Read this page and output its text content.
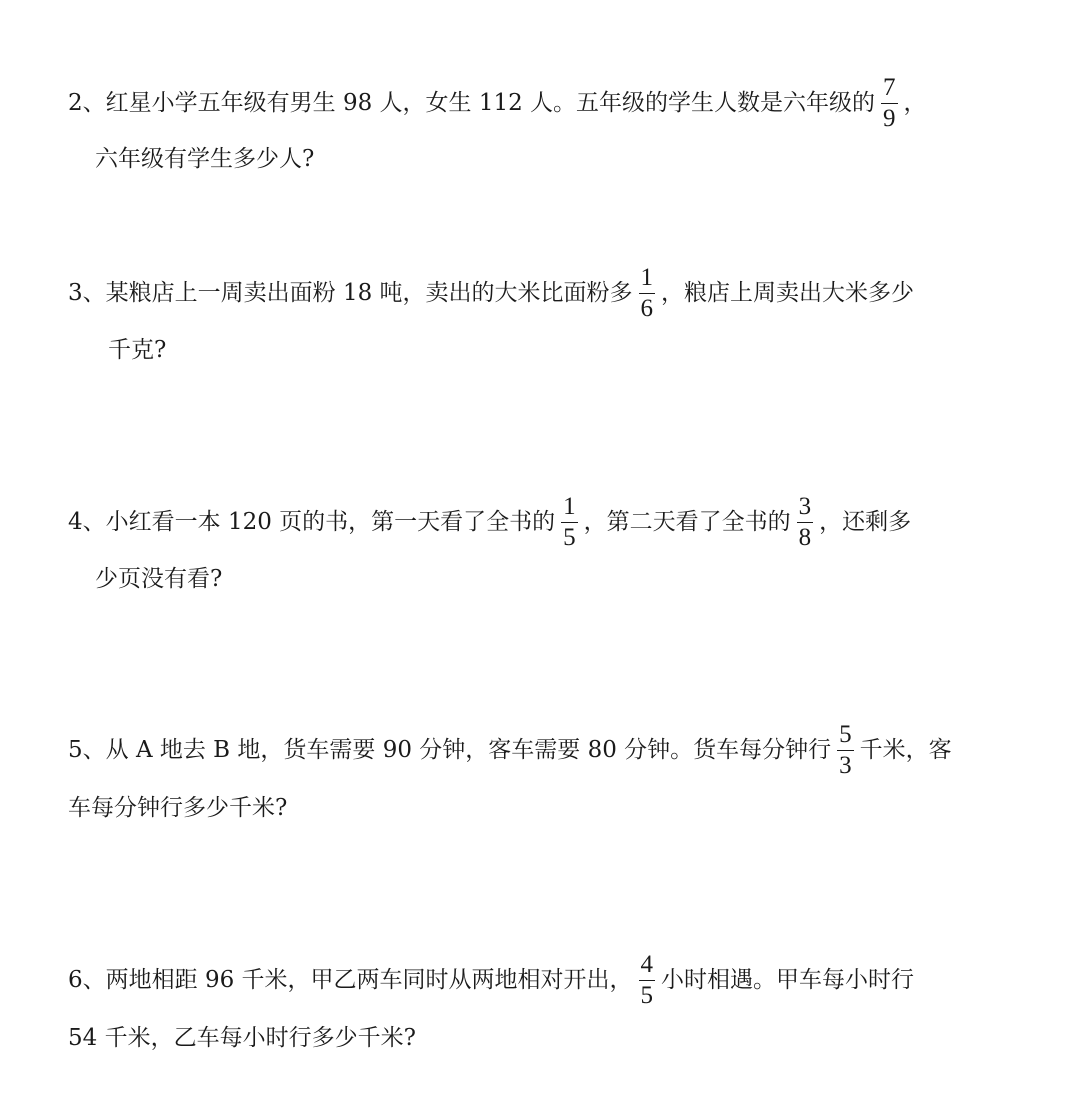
2、红星小学五年级有男生 98 人，女生 112 人。五年级的学生人数是六年级的 $\frac{7}{9}$ ，
六年级有学生多少人?
3、某粮店上一周卖出面粉 18 吨，卖出的大米比面粉多 $\frac{1}{6}$ ，粮店上周卖出大米多少
千克?
4、小红看一本 120 页的书，第一天看了全书的 $\frac{1}{5}$ ，第二天看了全书的 $\frac{3}{8}$ ，还剩多
少页没有看?
5、从 A 地去 B 地，货车需要 90 分钟，客车需要 80 分钟。货车每分钟行 $\frac{5}{3}$ 千米，客
车每分钟行多少千米?
6、两地相距 96 千米，甲乙两车同时从两地相对开出， $\frac{4}{5}$ 小时相遇。甲车每小时行
54 千米，乙车每小时行多少千米?
